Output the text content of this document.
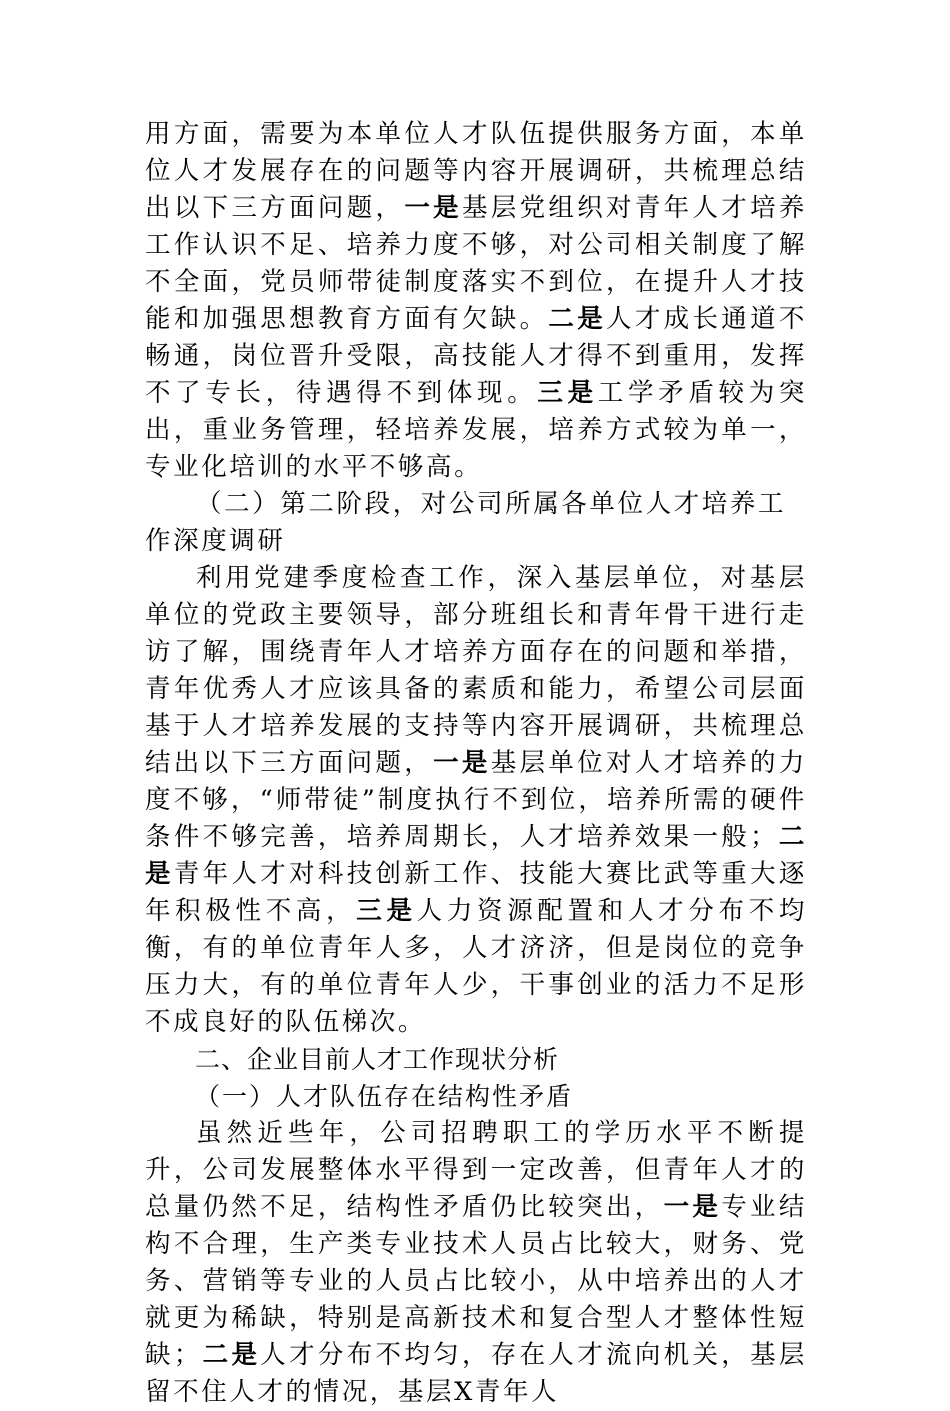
用方面，需要为本单位人才队伍提供服务方面，本单位人才发展存在的问题等内容开展调研，共梳理总结出以下三方面问题，一是基层党组织对青年人才培养工作认识不足、培养力度不够，对公司相关制度了解不全面，党员师带徒制度落实不到位，在提升人才技能和加强思想教育方面有欠缺。二是人才成长通道不畅通，岗位晋升受限，高技能人才得不到重用，发挥不了专长，待遇得不到体现。三是工学矛盾较为突出，重业务管理，轻培养发展，培养方式较为单一，专业化培训的水平不够高。

（二）第二阶段，对公司所属各单位人才培养工作深度调研

利用党建季度检查工作，深入基层单位，对基层单位的党政主要领导，部分班组长和青年骨干进行走访了解，围绕青年人才培养方面存在的问题和举措，青年优秀人才应该具备的素质和能力，希望公司层面基于人才培养发展的支持等内容开展调研，共梳理总结出以下三方面问题，一是基层单位对人才培养的力度不够，“师带徒”制度执行不到位，培养所需的硬件条件不够完善，培养周期长，人才培养效果一般；二是青年人才对科技创新工作、技能大赛比武等重大逐年积极性不高，三是人力资源配置和人才分布不均衡，有的单位青年人多，人才济济，但是岗位的竞争压力大，有的单位青年人少，干事创业的活力不足形不成良好的队伍梯次。

二、企业目前人才工作现状分析

（一）人才队伍存在结构性矛盾

虽然近些年，公司招聘职工的学历水平不断提升，公司发展整体水平得到一定改善，但青年人才的总量仍然不足，结构性矛盾仍比较突出，一是专业结构不合理，生产类专业技术人员占比较大，财务、党务、营销等专业的人员占比较小，从中培养出的人才就更为稀缺，特别是高新技术和复合型人才整体性短缺；二是人才分布不均匀，存在人才流向机关，基层留不住人才的情况，基层X青年人
